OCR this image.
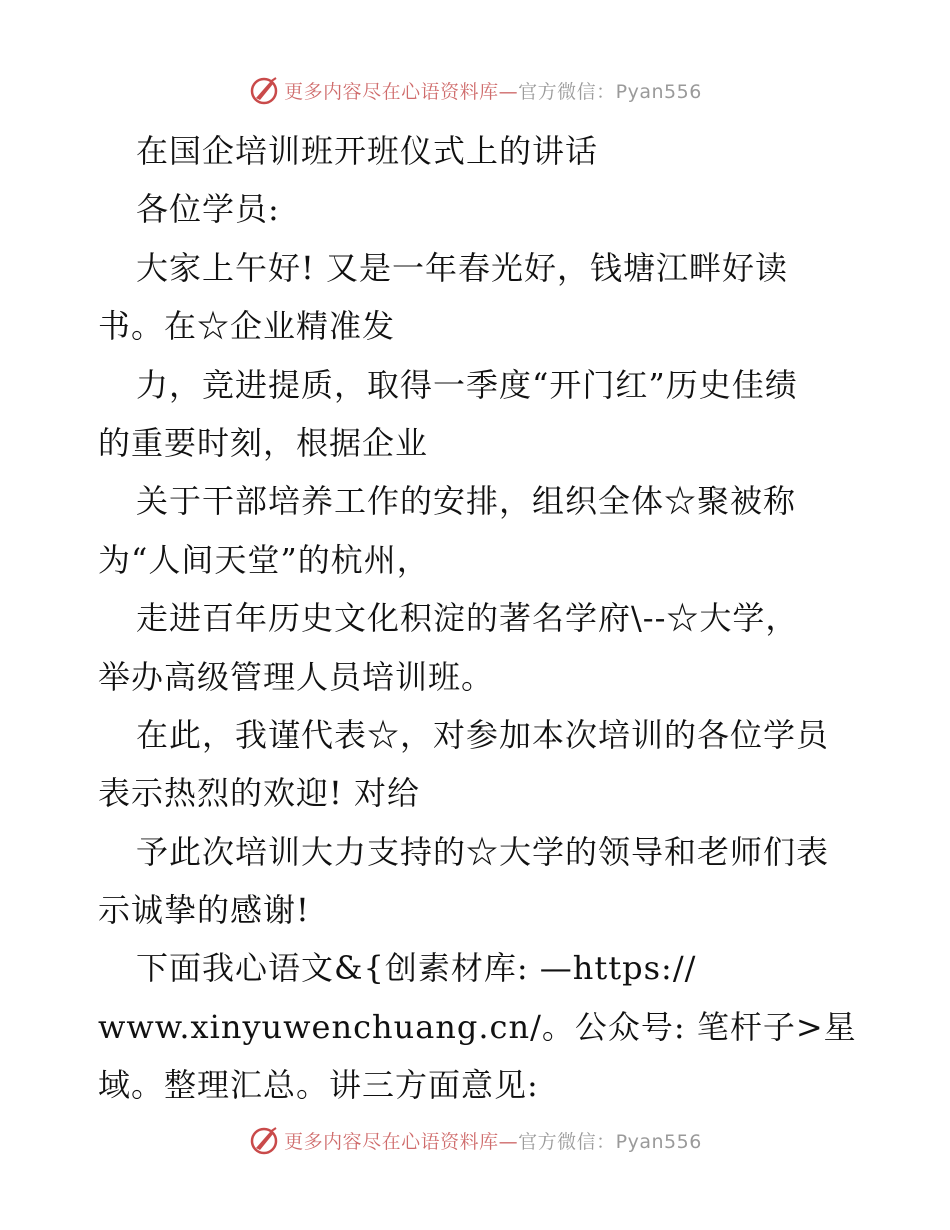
更多内容尽在心语资料库—官方微信：Pyan556
在国企培训班开班仪式上的讲话
各位学员:
大家上午好! 又是一年春光好，钱塘江畔好读
书。在☆企业精准发
力，竞进提质，取得一季度“开门红”历史佳绩
的重要时刻，根据企业
关于干部培养工作的安排，组织全体☆聚被称
为“人间天堂”的杭州，
走进百年历史文化积淀的著名学府\--☆大学，
举办高级管理人员培训班。
在此，我谨代表☆，对参加本次培训的各位学员
表示热烈的欢迎! 对给
予此次培训大力支持的☆大学的领导和老师们表
示诚挚的感谢!
下面我心语文&{创素材库: —https://
www.xinyuwenchuang.cn/。公众号: 笔杆子>星
域。整理汇总。讲三方面意见:
更多内容尽在心语资料库—官方微信：Pyan556
